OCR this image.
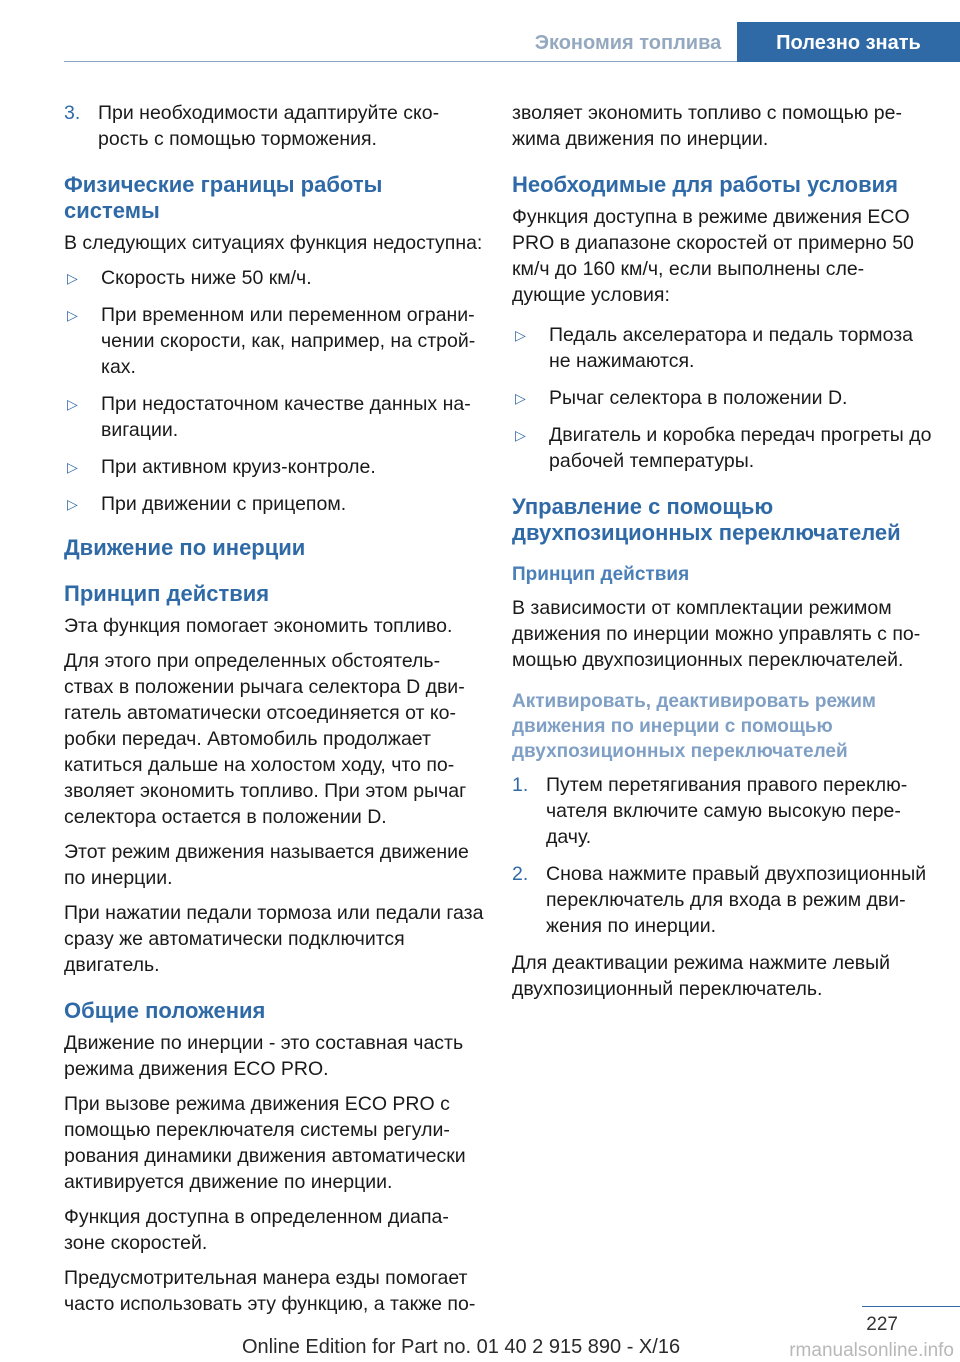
Экономия топлива	Полезно знать
3. При необходимости адаптируйте ско-рость с помощью торможения.
Физические границы работы системы

В следующих ситуациях функция недоступна:

▷	Скорость ниже 50 км/ч.
▷	При временном или переменном ограни-чении скорости, как, например, на строй-ках.
▷	При недостаточном качестве данных на-вигации.
▷	При активном круиз-контроле.
▷	При движении с прицепом.
Движение по инерции
Принцип действия

Эта функция помогает экономить топливо.

Для этого при определенных обстоятель-ствах в положении рычага селектора D дви-гатель автоматически отсоединяется от ко-робки передач. Автомобиль продолжает катиться дальше на холостом ходу, что по-зволяет экономить топливо. При этом рычаг селектора остается в положении D.

Этот режим движения называется движение по инерции.

При нажатии педали тормоза или педали газа сразу же автоматически подключится двигатель.

Общие положения

Движение по инерции - это составная часть режима движения ECO PRO.

При вызове режима движения ECO PRO с помощью переключателя системы регули-рования динамики движения автоматически активируется движение по инерции.

Функция доступна в определенном диапа-зоне скоростей.

Предусмотрительная манера езды помогает часто использовать эту функцию, а также по-

зволяет экономить топливо с помощью ре-жима движения по инерции.

Необходимые для работы условия

Функция доступна в режиме движения ECO PRO в диапазоне скоростей от примерно 50 км/ч до 160 км/ч, если выполнены сле-дующие условия:

▷	Педаль акселератора и педаль тормоза не нажимаются.
▷	Рычаг селектора в положении D.
▷	Двигатель и коробка передач прогреты до рабочей температуры.
Управление с помощью двухпозиционных переключателей
Принцип действия

В зависимости от комплектации режимом движения по инерции можно управлять с по-мощью двухпозиционных переключателей.

Активировать, деактивировать режим движения по инерции с помощью двухпозиционных переключателей
1. Путем перетягивания правого переклю-чателя включите самую высокую пере-дачу.
2. Снова нажмите правый двухпозиционный переключатель для входа в режим дви-жения по инерции.

Для деактивации режима нажмите левый двухпозиционный переключатель.

227
Online Edition for Part no. 01 40 2 915 890 - X/16	rmanualsonline.info
